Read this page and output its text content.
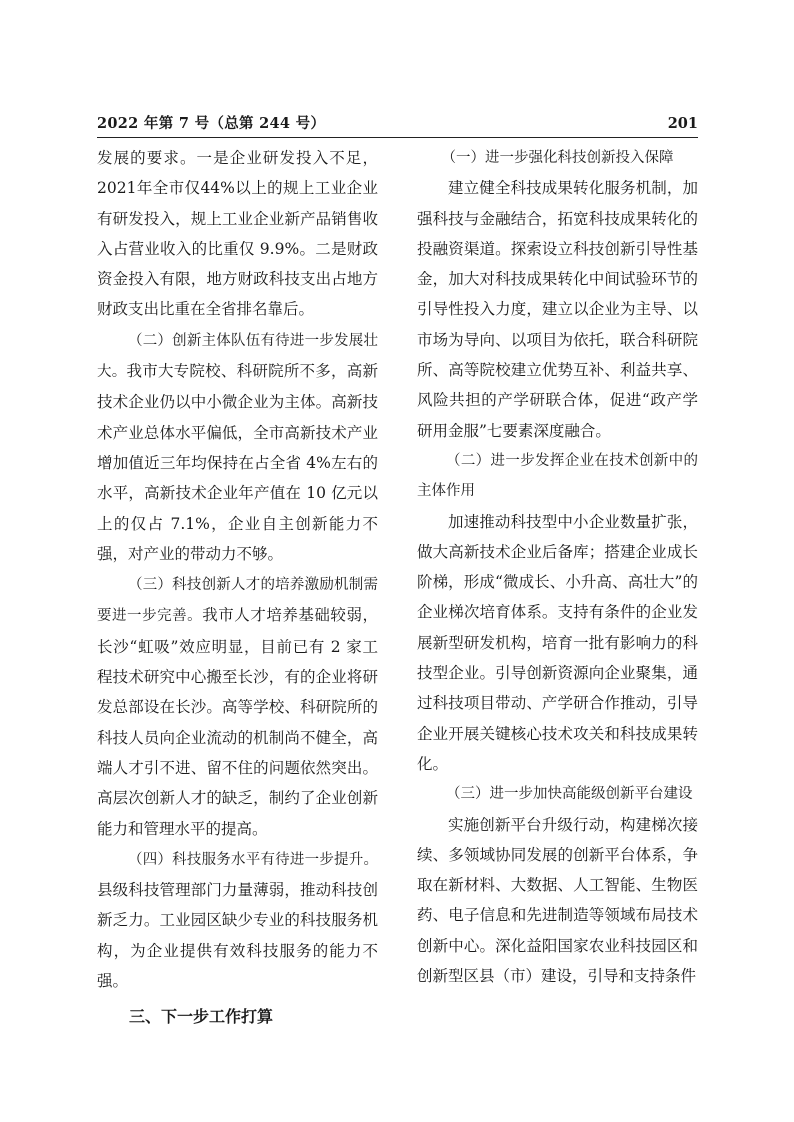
2022 年第 7 号（总第 244 号）	201

发展的要求。一是企业研发投入不足，2021年全市仅44%以上的规上工业企业有研发投入，规上工业企业新产品销售收入占营业收入的比重仅 9.9%。二是财政资金投入有限，地方财政科技支出占地方财政支出比重在全省排名靠后。

（二）创新主体队伍有待进一步发展壮大。我市大专院校、科研院所不多，高新技术企业仍以中小微企业为主体。高新技术产业总体水平偏低，全市高新技术产业增加值近三年均保持在占全省 4%左右的水平，高新技术企业年产值在 10 亿元以上的仅占 7.1%，企业自主创新能力不强，对产业的带动力不够。

（三）科技创新人才的培养激励机制需要进一步完善。我市人才培养基础较弱，长沙“虹吸”效应明显，目前已有 2 家工程技术研究中心搬至长沙，有的企业将研发总部设在长沙。高等学校、科研院所的科技人员向企业流动的机制尚不健全，高端人才引不进、留不住的问题依然突出。高层次创新人才的缺乏，制约了企业创新能力和管理水平的提高。

（四）科技服务水平有待进一步提升。县级科技管理部门力量薄弱，推动科技创新乏力。工业园区缺少专业的科技服务机构，为企业提供有效科技服务的能力不强。

三、下一步工作打算

（一）进一步强化科技创新投入保障

建立健全科技成果转化服务机制，加强科技与金融结合，拓宽科技成果转化的投融资渠道。探索设立科技创新引导性基金，加大对科技成果转化中间试验环节的引导性投入力度，建立以企业为主导、以市场为导向、以项目为依托，联合科研院所、高等院校建立优势互补、利益共享、风险共担的产学研联合体，促进“政产学研用金服”七要素深度融合。

（二）进一步发挥企业在技术创新中的主体作用

加速推动科技型中小企业数量扩张，做大高新技术企业后备库；搭建企业成长阶梯，形成“微成长、小升高、高壮大”的企业梯次培育体系。支持有条件的企业发展新型研发机构，培育一批有影响力的科技型企业。引导创新资源向企业聚集，通过科技项目带动、产学研合作推动，引导企业开展关键核心技术攻关和科技成果转化。

（三）进一步加快高能级创新平台建设

实施创新平台升级行动，构建梯次接续、多领域协同发展的创新平台体系，争取在新材料、大数据、人工智能、生物医药、电子信息和先进制造等领域布局技术创新中心。深化益阳国家农业科技园区和创新型区县（市）建设，引导和支持条件
